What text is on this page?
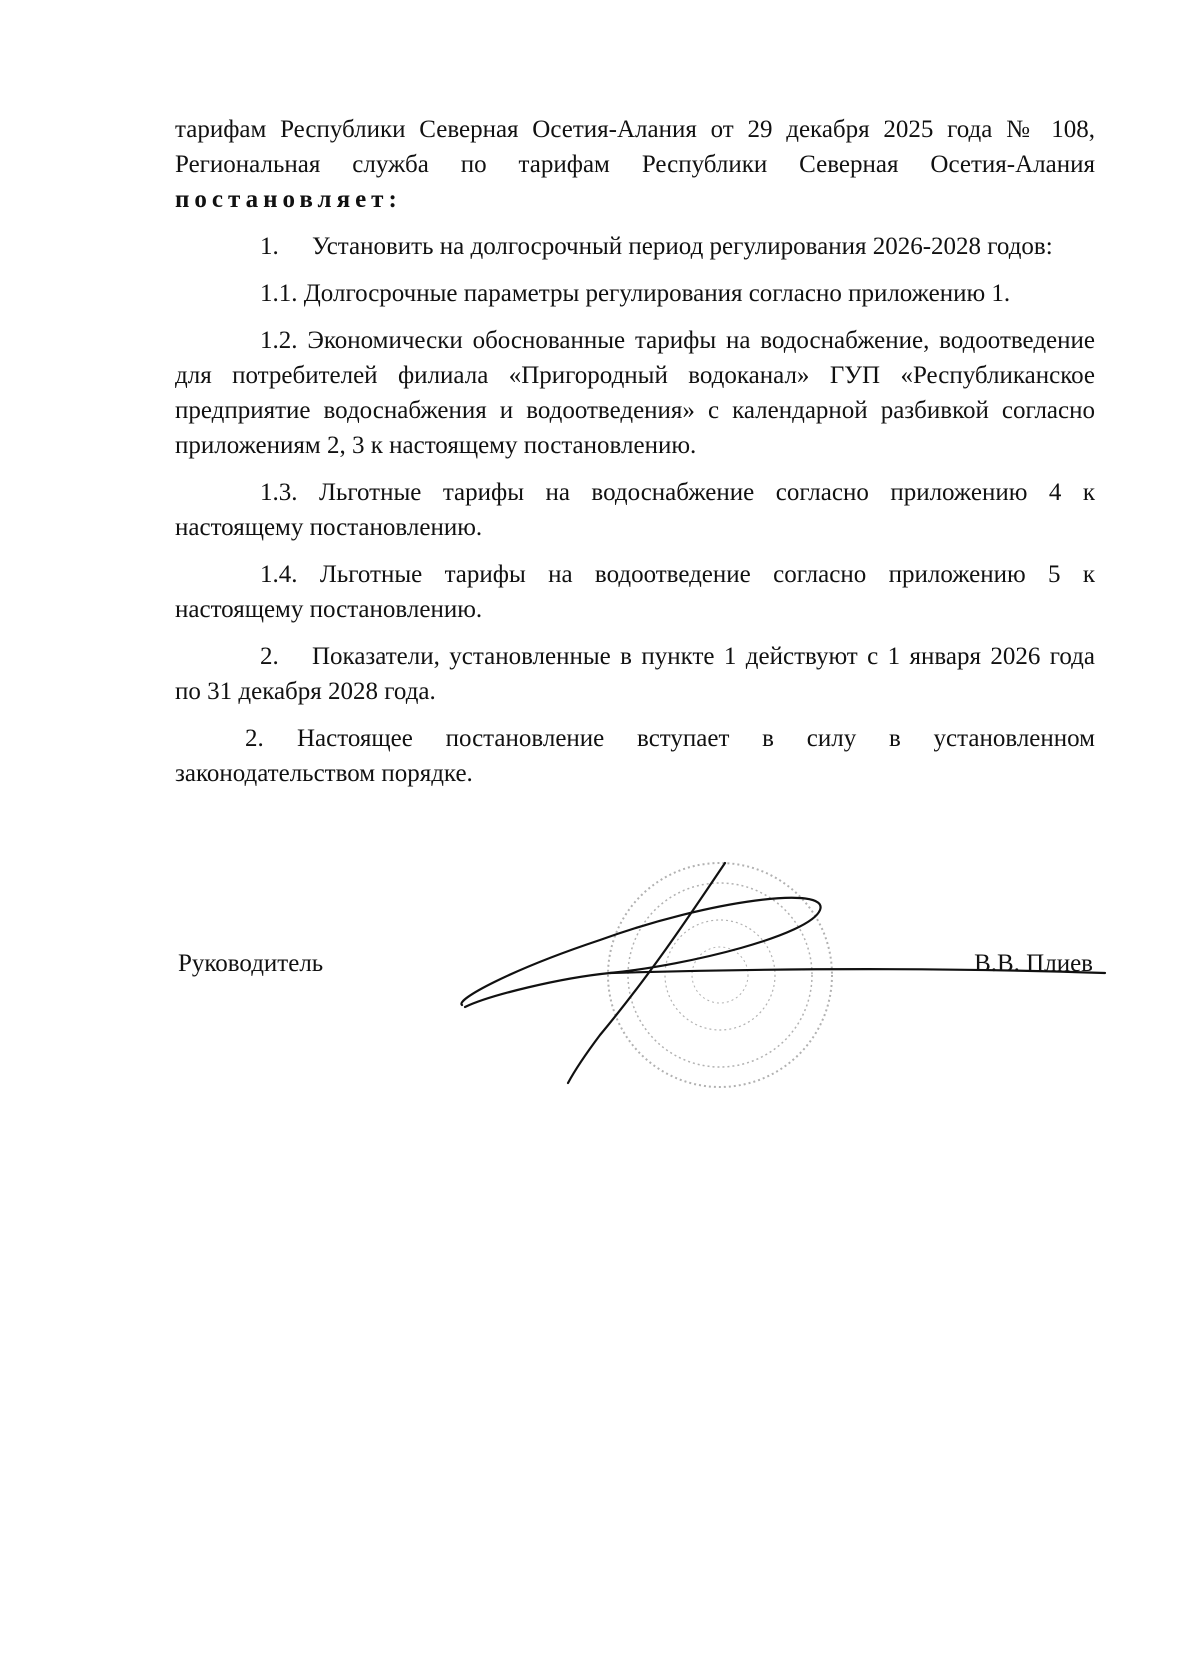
тарифам Республики Северная Осетия-Алания от 29 декабря 2025 года № 108, Региональная служба по тарифам Республики Северная Осетия-Алания постановляет:

1. Установить на долгосрочный период регулирования 2026-2028 годов:

1.1. Долгосрочные параметры регулирования согласно приложению 1.

1.2. Экономически обоснованные тарифы на водоснабжение, водоотведение для потребителей филиала «Пригородный водоканал» ГУП «Республиканское предприятие водоснабжения и водоотведения» с календарной разбивкой согласно приложениям 2, 3 к настоящему постановлению.

1.3. Льготные тарифы на водоснабжение согласно приложению 4 к настоящему постановлению.

1.4. Льготные тарифы на водоотведение согласно приложению 5 к настоящему постановлению.

2. Показатели, установленные в пункте 1 действуют с 1 января 2026 года по 31 декабря 2028 года.

2. Настоящее постановление вступает в силу в установленном законодательством порядке.

Руководитель	В.В. Плиев
